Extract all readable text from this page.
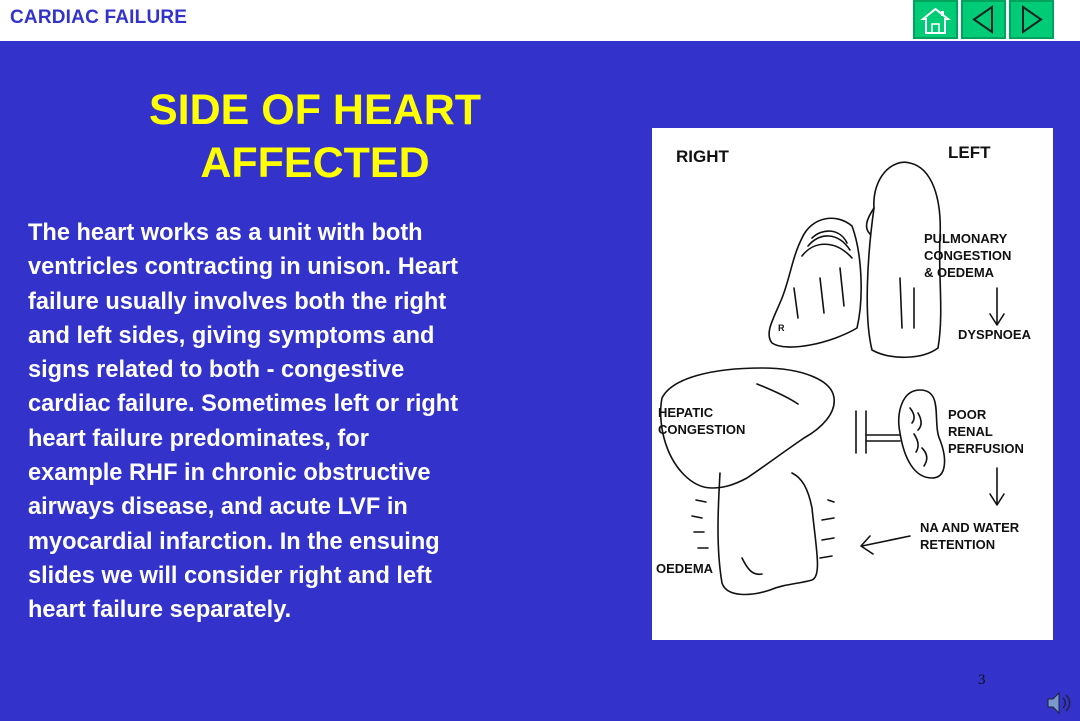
CARDIAC FAILURE
SIDE OF HEART
AFFECTED
The heart works as a unit with both
ventricles contracting in unison. Heart
failure usually involves both the right
and left sides, giving symptoms and
signs related to both - congestive
cardiac failure. Sometimes left or right
heart failure predominates, for
example RHF in chronic obstructive
airways disease, and acute LVF in
myocardial infarction. In the ensuing
slides we will consider right and left
heart failure separately.
RIGHT	LEFT
R
PULMONARY
CONGESTION
& OEDEMA
DYSPNOEA
HEPATIC
CONGESTION
POOR
RENAL
PERFUSION
NA AND WATER
RETENTION
OEDEMA
3
